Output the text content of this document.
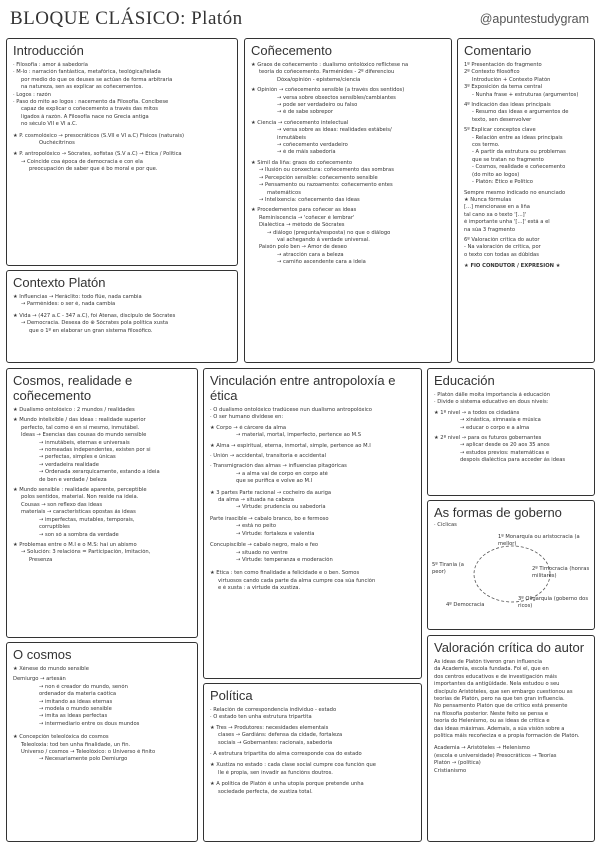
BLOQUE CLÁSICO: Platón	@apuntestudygram
Introducción
· Filosofía : amor á sabedoría
· M-lo : narración fantástica, metafórica, teológica/telada
por medio do que os deuses se actúan de forma arbitraria
na natureza, sen as explicar as coñecementos.
· Logos : razón
· Paso do mito ao logos : nacemento da Filosofía. Concíbese
capaz de explicar o coñecemento a través das mitos
ligados á razón. A Filosofía nace no Grecia antiga
no século VII e VI a.C.
★ P. cosmolóxico → presocráticos (S.VII e VI a.C) Físicos (naturais)
Ouchécitrinos
★ P. antropolóxico → Sócrates, sofistas (S.V a.C) → Ética / Política
→ Coincide coa época de democracia e con ela
preocupación de saber que é bo moral e por que.
Contexto Platón
★ Influencias → Heráclito: todo flúe, nada cambia
→ Parménides: o ser é, nada cambia
★ Vida → (427 a.C - 347 a.C), foi Atenas, discípulo de Sócrates
→ Democracia. Desexa do ⊕ Sócrates pola política xusta
que o 1º en elaborar un gran sistema filosófico.
Cosmos, realidade e coñecemento
★ Dualismo ontolóxico : 2 mundos / realidades
★ Mundo intelixible / das ideas : realidade superior
perfecto, tal como é en si mesmo, inmutábel.
Ideas → Esencias das cousas do mundo sensible
→ inmutábeis, eternas e universais
→ nomeadas independentes, existen por si
→ perfectas, simples e únicas
→ verdadeira realidade
→ Ordenada xerarquicamente, estando a ideia
de ben e verdade / beleza
★ Mundo sensible : realidade aparente, perceptible
polos sentidos, material. Non reside na ideia.
Cousas → son reflexo das ideas
materiais → características opostas ás ideas
→ imperfectas, mutables, temporais,
corruptibles
→ son só a sombra da verdade
★ Problemas entre o M.I e o M.S: hai un abismo
→ Solución: 3 relacións = Participación, Imitación,
Presenza
O cosmos
★ Xénese do mundo sensible
Demiurgo → artesán
→ non é creador do mundo, senón
ordenador da materia caótica
→ imitando as ideas eternas
→ modela o mundo sensible
→ imita as ideas perfectas
→ intermediario entre os dous mundos
★ Concepción teleolóxica do cosmos
Teleoloxía: tod ten unha finalidade, un fin.
Universo / cosmos → Teleolóxico: o Universo é finito
→ Necesariamente polo Demiurgo
Coñecemento
★ Graos de coñecemento : dualismo ontolóxico reflíctese na
teoría do coñecemento. Parménides - 2º diferenciou
Dóxa/opinión - episteme/ciencia
★ Opinión → coñecemento sensible (a través dos sentidos)
→ versa sobre obxectos sensibles/cambiantes
→ pode ser verdadeiro ou falso
→ é de sabe sobrepor
★ Ciencia → coñecemento intelectual
→ versa sobre as ideas: realidades estábeis/
inmutábeis
→ coñecemento verdadeiro
→ é de máis sabedoría
★ Símil da liña: graos do coñecemento
→ Ilusión ou conxectura: coñecemento das sombras
→ Percepción sensible: coñecemento sensible
→ Pensamento ou razoamento: coñecemento entes
matemáticos
→ Intelixencia: coñecemento das ideas
★ Procedementos para coñecer as ideas
Reminiscencia → 'coñecer é lembrar'
Dialéctica → método de Sócrates
→ diálogo (pregunta/resposta) no que o diálogo
vai achegando á verdade universal.
Paixón polo ben → Amor de deseo
→ atracción cara a beleza
→ camiño ascendente cara a ideia
Vinculación entre antropoloxía e ética
· O dualismo ontolóxico tradúcese nun dualismo antropolóxico
· O ser humano divídese en:
★ Corpo → é cárcere da alma
→ material, mortal, imperfecto, pertence ao M.S
★ Alma → espiritual, eterna, inmortal, simple, pertence ao M.I
· Unión → accidental, transitoria e accidental
· Transmigración das almas → influencias pitagóricas
→ a alma vai de corpo en corpo até
que se purifica e volve ao M.I
★ 3 partes Parte racional → cocheiro da auriga
da alma → situada na cabeza
→ Virtude: prudencia ou sabedoría
Parte irascible → cabalo branco, bo e fermoso
→ está no peito
→ Virtude: fortaleza e valentía
Concupiscible → cabalo negro, malo e feo
→ situado no ventre
→ Virtude: temperanza e moderación
★ Ética : ten como finalidade a felicidade e o ben. Somos
virtuosos cando cada parte da alma cumpre coa súa función
e é xusta : a virtude da xustiza.
Política
· Relación de correspondencia individuo - estado
· O estado ten unha estrutura tripartita
★ Tres → Produtores: necesidades elementais
clases → Gardiáns: defensa da cidade, fortaleza
sociais → Gobernantes: racionais, sabedoría
· A estrutura tripartita do alma corresponde coa do estado
★ Xustiza no estado : cada clase social cumpre coa función que
lle é propia, sen invadir as funcións doutros.
★ A política de Platón é unha utopía porque pretende unha
sociedade perfecta, de xustiza total.
Comentario
1º Presentación do fragmento
2º Contexto filosófico
Introdución + Contexto Platón
3º Exposición da tema central
- Nunha frase + estruturas (argumentos)
4º Indicación das ideas principais
- Resumo das ideas e argumentos de
texto, sen desenvolver
5º Explicar conceptos clave
- Relación entre as ideas principais
cos termo.
- A partir da estrutura ou problemas
que se tratan no fragmento
- Cosmos, realidade e coñecemento
(do mito ao logos)
- Platón: Ético e Político
Sempre mesmo indicado no enunciado
★ Nunca fórmulas
[...] mencionase en a liña
tal cano xa o texto '[...]'
é importante unha '[...]' está a el
na súa 3 fragmento
6º Valoración crítica do autor
- Na valoración de crítica, por
o texto con todas as dúbidas
★ FIO CONDUTOR / EXPRESIÓN ★
Educación
· Platón dálle moita importancia á educación
· Divide o sistema educativo en dous niveis:
★ 1º nivel → a todos os cidadáns
→ xinástica, ximnasia e música
→ educar o corpo e a alma
★ 2º nivel → para os futuros gobernantes
→ aplicar desde os 20 aos 35 anos
→ estudos previos: matemáticas e
despois dialéctica para acceder ás ideas
As formas de goberno
· Cíclicas
1º Monarquía ou aristocracia (a mellor)
2º Timocracia (honras militares)
3º Oligarquía (goberno dos ricos)
4º Democracia
5º Tiranía (a peor)
Valoración crítica do autor
As ideas de Platón tiveron gran influencia
da Academia, escola fundada. Foi el, que en
dos centros educativos e de investigación máis
importantes da antigüidade. Nela estudou o seu
discípulo Aristóteles, que sen embargo cuestionou as
teorías de Platón, pero na que ten gran influencia.
No pensamento Platón que de crítico está presente
na filosofía posterior. Neste feito se pensa e
teoría do Helenismo, ou as ideas de crítica e
das ideas máximas. Ademais, a súa visión sobre a
política máis recoñeciza e a propia formación de Platón.
Academia → Aristóteles → Helenismo
(escola e universidade) Presocráticos → Teorías
Platón → (política)
Cristianismo
